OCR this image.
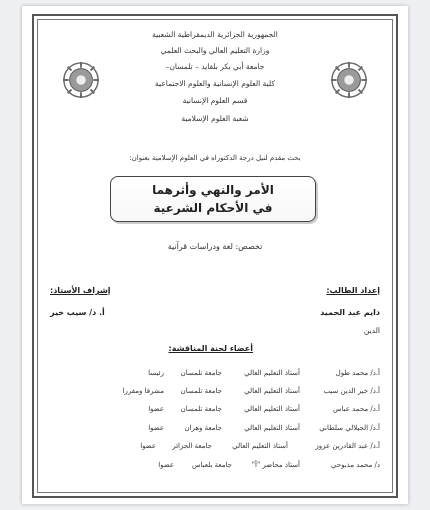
الجمهورية الجزائرية الديمقراطية الشعبية
وزارة التعليم العالي والبحث العلمي
جامعة أبي بكر بلقايد – تلمسان–
كلية العلوم الإنسانية والعلوم الاجتماعية
قسم العلوم الإنسانية
شعبة العلوم الإسلامية
بحث مقدم لنيل درجة الدكتوراه في العلوم الإسلامية بعنوان:
الأمر والنهي وأثرهما
في الأحكام الشرعية
تخصص: لغة ودراسات قرآنية
إعداد الطالب:
دايم عبد الحميد
الدين
إشراف الأستاذ:
أ. د/ سيب خير
أعضاء لجنة المناقشة:
أ.د/ محمد طول
أستاذ التعليم العالي
جامعة تلمسان
رئيسا
أ.د/ خير الدين سيب
أستاذ التعليم العالي
جامعة تلمسان
مشرفا ومقررا
أ.د/ محمد عباس
أستاذ التعليم العالي
جامعة تلمسان
عضوا
أ.د/ الجيلالي سلطاني
أستاذ التعليم العالي
جامعة وهران
عضوا
أ.د/ عبد القادرين عزوز
أستاذ التعليم العالي
جامعة الجزائر
عضوا
د/ محمد مذبوحي
أستاذ محاضر "أ"
جامعة بلعباس
عضوا
